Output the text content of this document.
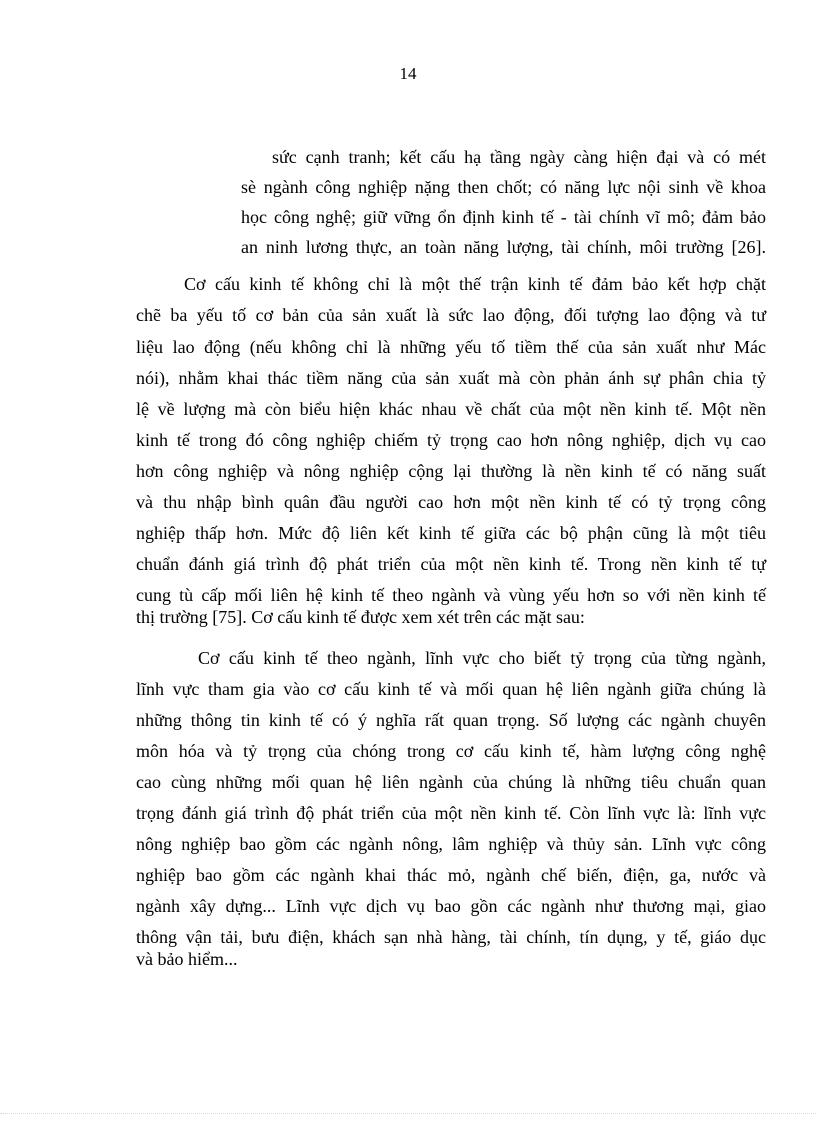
14
sức cạnh tranh; kết cấu hạ tầng ngày càng hiện đại và có mét
sè ngành công nghiệp nặng then chốt; có năng lực nội sinh về khoa
học công nghệ; giữ vững ổn định kinh tế - tài chính vĩ mô; đảm bảo
an ninh lương thực, an toàn năng lượng, tài chính, môi trường [26].
Cơ cấu kinh tế không chỉ là một thế trận kinh tế đảm bảo kết hợp chặt
chẽ ba yếu tố cơ bản của sản xuất là sức lao động, đối tượng lao động và tư
liệu lao động (nếu không chỉ là những yếu tố tiềm thế của sản xuất như Mác
nói), nhằm khai thác tiềm năng của sản xuất mà còn phản ánh sự phân chia tỷ
lệ về lượng mà còn biểu hiện khác nhau về chất của một nền kinh tế. Một nền
kinh tế trong đó công nghiệp chiếm tỷ trọng cao hơn nông nghiệp, dịch vụ cao
hơn công nghiệp và nông nghiệp cộng lại thường là nền kinh tế có năng suất
và thu nhập bình quân đầu người cao hơn một nền kinh tế có tỷ trọng công
nghiệp thấp hơn. Mức độ liên kết kinh tế giữa các bộ phận cũng là một tiêu
chuẩn đánh giá trình độ phát triển của một nền kinh tế. Trong nền kinh tế tự
cung tù cấp mối liên hệ kinh tế theo ngành và vùng yếu hơn so với nền kinh tế
thị trường [75]. Cơ cấu kinh tế được xem xét trên các mặt sau:
Cơ cấu kinh tế theo ngành, lĩnh vực cho biết tỷ trọng của từng ngành,
lĩnh vực tham gia vào cơ cấu kinh tế và mối quan hệ liên ngành giữa chúng là
những thông tin kinh tế có ý nghĩa rất quan trọng. Số lượng các ngành chuyên
môn hóa và tỷ trọng của chóng trong cơ cấu kinh tế, hàm lượng công nghệ
cao cùng những mối quan hệ liên ngành của chúng là những tiêu chuẩn quan
trọng đánh giá trình độ phát triển của một nền kinh tế. Còn lĩnh vực là: lĩnh vực
nông nghiệp bao gồm các ngành nông, lâm nghiệp và thủy sản. Lĩnh vực công
nghiệp bao gồm các ngành khai thác mỏ, ngành chế biến, điện, ga, nước và
ngành xây dựng... Lĩnh vực dịch vụ bao gồn các ngành như thương mại, giao
thông vận tải, bưu điện, khách sạn nhà hàng, tài chính, tín dụng, y tế, giáo dục
và bảo hiểm...
